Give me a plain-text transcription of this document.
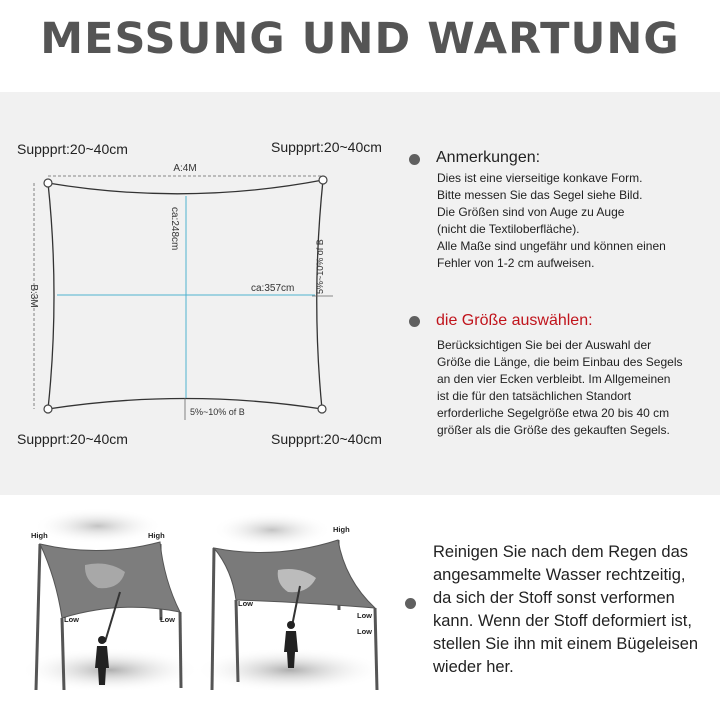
MESSUNG UND WARTUNG
A:4M
B:3M
ca:248cm
ca:357cm 5%~10% of B
5%~10% of B
Suppprt:20~40cm	Suppprt:20~40cm
Suppprt:20~40cm	Suppprt:20~40cm
Anmerkungen:
Dies ist eine vierseitige konkave Form.
Bitte messen Sie das Segel siehe Bild.
Die Größen sind von Auge zu Auge
(nicht die Textiloberfläche).
Alle Maße sind ungefähr und können einen
Fehler von 1-2 cm aufweisen.
die Größe auswählen:
Berücksichtigen Sie bei der Auswahl der
Größe die Länge, die beim Einbau des Segels
an den vier Ecken verbleibt. Im Allgemeinen
ist die für den tatsächlichen Standort
erforderliche Segelgröße etwa 20 bis 40 cm
größer als die Größe des gekauften Segels.
High	High
Low	Low
High
Low
Low
Low
Reinigen Sie nach dem Regen das
angesammelte Wasser rechtzeitig,
da sich der Stoff sonst verformen
kann. Wenn der Stoff deformiert ist,
stellen Sie ihn mit einem Bügeleisen
wieder her.
